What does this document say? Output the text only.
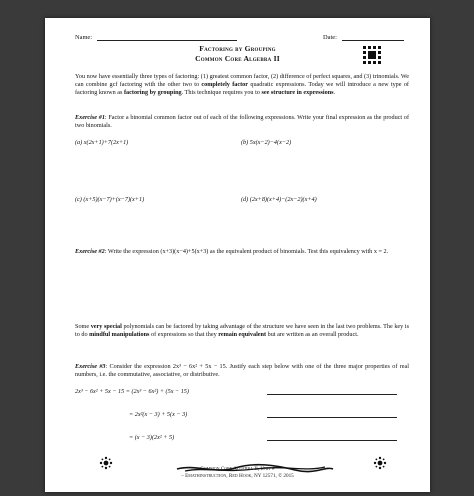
Name:	Date:
Factoring by Grouping
Common Core Algebra II
You now have essentially three types of factoring: (1) greatest common factor, (2) difference of perfect squares, and (3) trinomials. We can combine gcf factoring with the other two to completely factor quadratic expressions. Today we will introduce a new type of factoring known as factoring by grouping. This technique requires you to see structure in expressions.
Exercise #1: Factor a binomial common factor out of each of the following expressions. Write your final expression as the product of two binomials.
(a) x(2x+1)+7(2x+1)	(b) 5x(x−2)−4(x−2)
(c) (x+5)(x−7)+(x−7)(x+1)	(d) (2x+8)(x+4)−(2x−2)(x+4)
Exercise #2: Write the expression (x+3)(x−4)+5(x+3) as the equivalent product of binomials. Test this equivalency with x = 2.
Some very special polynomials can be factored by taking advantage of the structure we have seen in the last two problems. The key is to do mindful manipulations of expressions so that they remain equivalent but are written as an overall product.
Exercise #3: Consider the expression 2x³ − 6x² + 5x − 15. Justify each step below with one of the three major properties of real numbers, i.e. the commutative, associative, or distributive.
2x³ − 6x² + 5x − 15 = (2x³ − 6x²) + (5x − 15)
= 2x²(x − 3) + 5(x − 3)
= (x − 3)(2x² + 5)
Common Core Algebra II, Unit #
– Emathinstruction, Red Hook, NY 12571, © 2015
